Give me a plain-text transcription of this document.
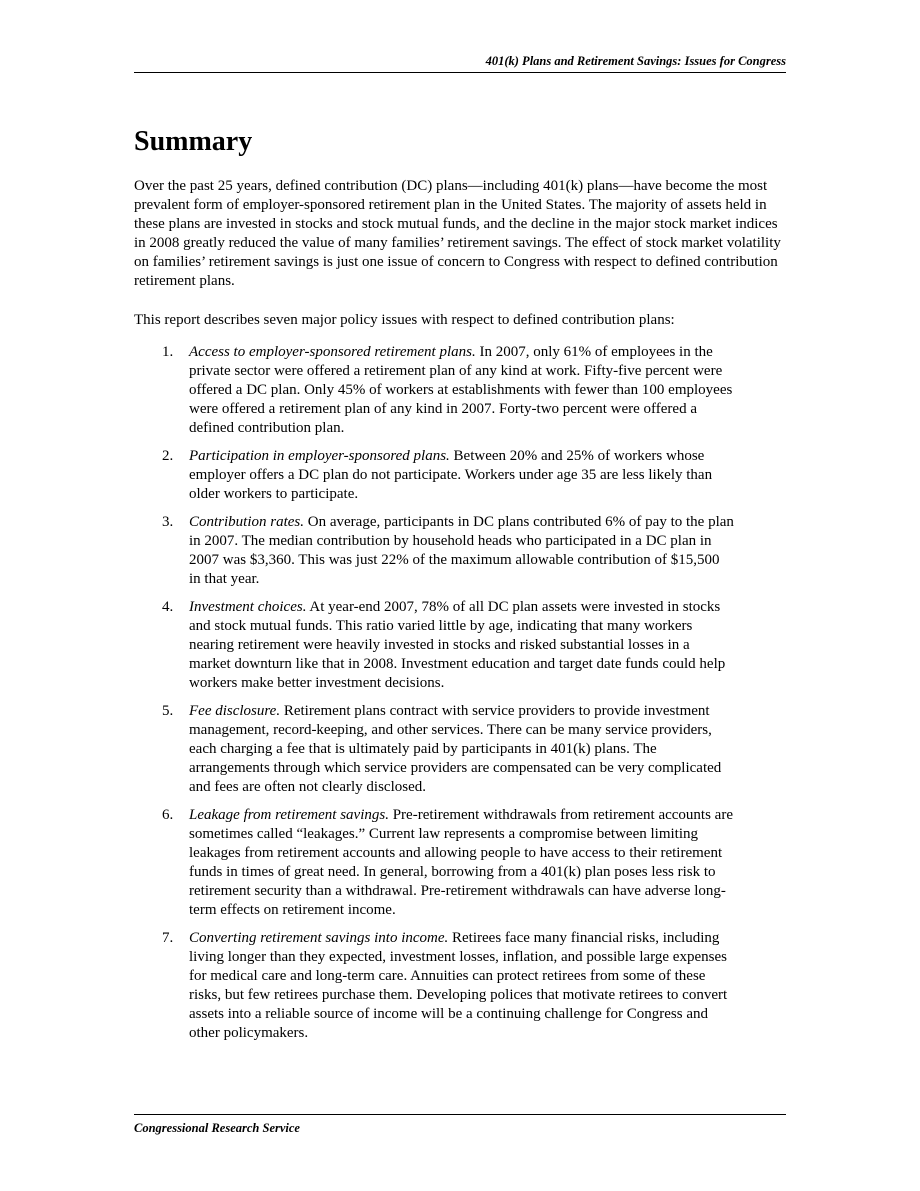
401(k) Plans and Retirement Savings: Issues for Congress
Summary

Over the past 25 years, defined contribution (DC) plans—including 401(k) plans—have become the most prevalent form of employer-sponsored retirement plan in the United States. The majority of assets held in these plans are invested in stocks and stock mutual funds, and the decline in the major stock market indices in 2008 greatly reduced the value of many families’ retirement savings. The effect of stock market volatility on families’ retirement savings is just one issue of concern to Congress with respect to defined contribution retirement plans.

This report describes seven major policy issues with respect to defined contribution plans:

1. Access to employer-sponsored retirement plans. In 2007, only 61% of employees in the private sector were offered a retirement plan of any kind at work. Fifty-five percent were offered a DC plan. Only 45% of workers at establishments with fewer than 100 employees were offered a retirement plan of any kind in 2007. Forty-two percent were offered a defined contribution plan.
2. Participation in employer-sponsored plans. Between 20% and 25% of workers whose employer offers a DC plan do not participate. Workers under age 35 are less likely than older workers to participate.
3. Contribution rates. On average, participants in DC plans contributed 6% of pay to the plan in 2007. The median contribution by household heads who participated in a DC plan in 2007 was $3,360. This was just 22% of the maximum allowable contribution of $15,500 in that year.
4. Investment choices. At year-end 2007, 78% of all DC plan assets were invested in stocks and stock mutual funds. This ratio varied little by age, indicating that many workers nearing retirement were heavily invested in stocks and risked substantial losses in a market downturn like that in 2008. Investment education and target date funds could help workers make better investment decisions.
5. Fee disclosure. Retirement plans contract with service providers to provide investment management, record-keeping, and other services. There can be many service providers, each charging a fee that is ultimately paid by participants in 401(k) plans. The arrangements through which service providers are compensated can be very complicated and fees are often not clearly disclosed.
6. Leakage from retirement savings. Pre-retirement withdrawals from retirement accounts are sometimes called “leakages.” Current law represents a compromise between limiting leakages from retirement accounts and allowing people to have access to their retirement funds in times of great need. In general, borrowing from a 401(k) plan poses less risk to retirement security than a withdrawal. Pre-retirement withdrawals can have adverse long-term effects on retirement income.
7. Converting retirement savings into income. Retirees face many financial risks, including living longer than they expected, investment losses, inflation, and possible large expenses for medical care and long-term care. Annuities can protect retirees from some of these risks, but few retirees purchase them. Developing polices that motivate retirees to convert assets into a reliable source of income will be a continuing challenge for Congress and other policymakers.
Congressional Research Service
